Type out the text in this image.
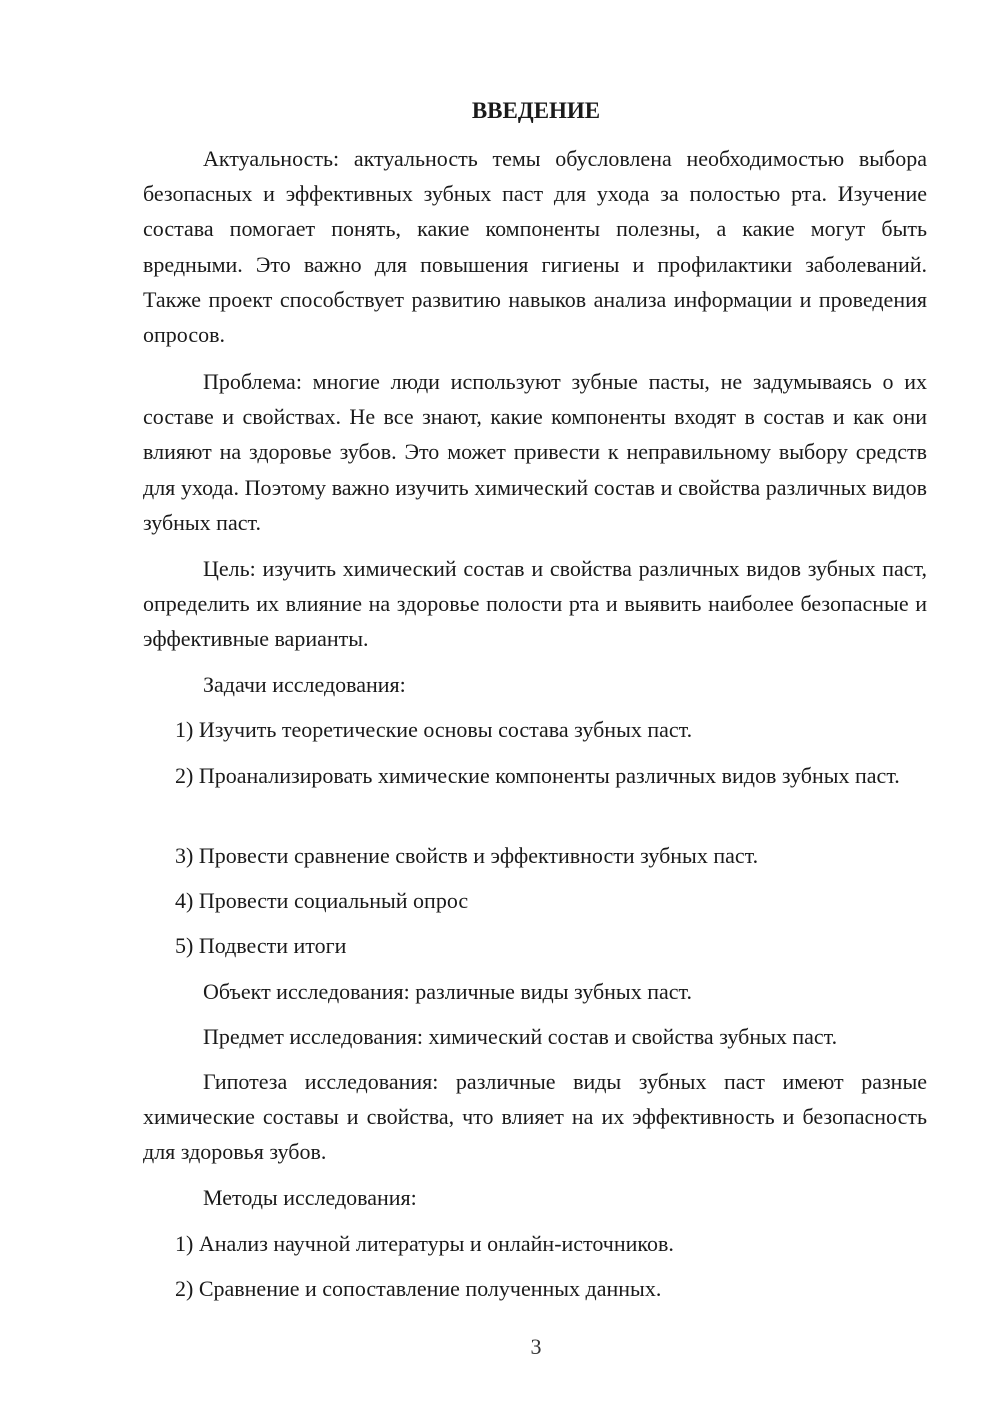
ВВЕДЕНИЕ
Актуальность: актуальность темы обусловлена необходимостью выбора безопасных и эффективных зубных паст для ухода за полостью рта. Изучение состава помогает понять, какие компоненты полезны, а какие могут быть вредными. Это важно для повышения гигиены и профилактики заболеваний. Также проект способствует развитию навыков анализа информации и проведения опросов.
Проблема: многие люди используют зубные пасты, не задумываясь о их составе и свойствах. Не все знают, какие компоненты входят в состав и как они влияют на здоровье зубов. Это может привести к неправильному выбору средств для ухода. Поэтому важно изучить химический состав и свойства различных видов зубных паст.
Цель: изучить химический состав и свойства различных видов зубных паст, определить их влияние на здоровье полости рта и выявить наиболее безопасные и эффективные варианты.
Задачи исследования:
1) Изучить теоретические основы состава зубных паст.
2) Проанализировать химические компоненты различных видов зубных паст.
3) Провести сравнение свойств и эффективности зубных паст.
4) Провести социальный опрос
5) Подвести итоги
Объект исследования: различные виды зубных паст.
Предмет исследования: химический состав и свойства зубных паст.
Гипотеза исследования: различные виды зубных паст имеют разные химические составы и свойства, что влияет на их эффективность и безопасность для здоровья зубов.
Методы исследования:
1) Анализ научной литературы и онлайн-источников.
2) Сравнение и сопоставление полученных данных.
3
